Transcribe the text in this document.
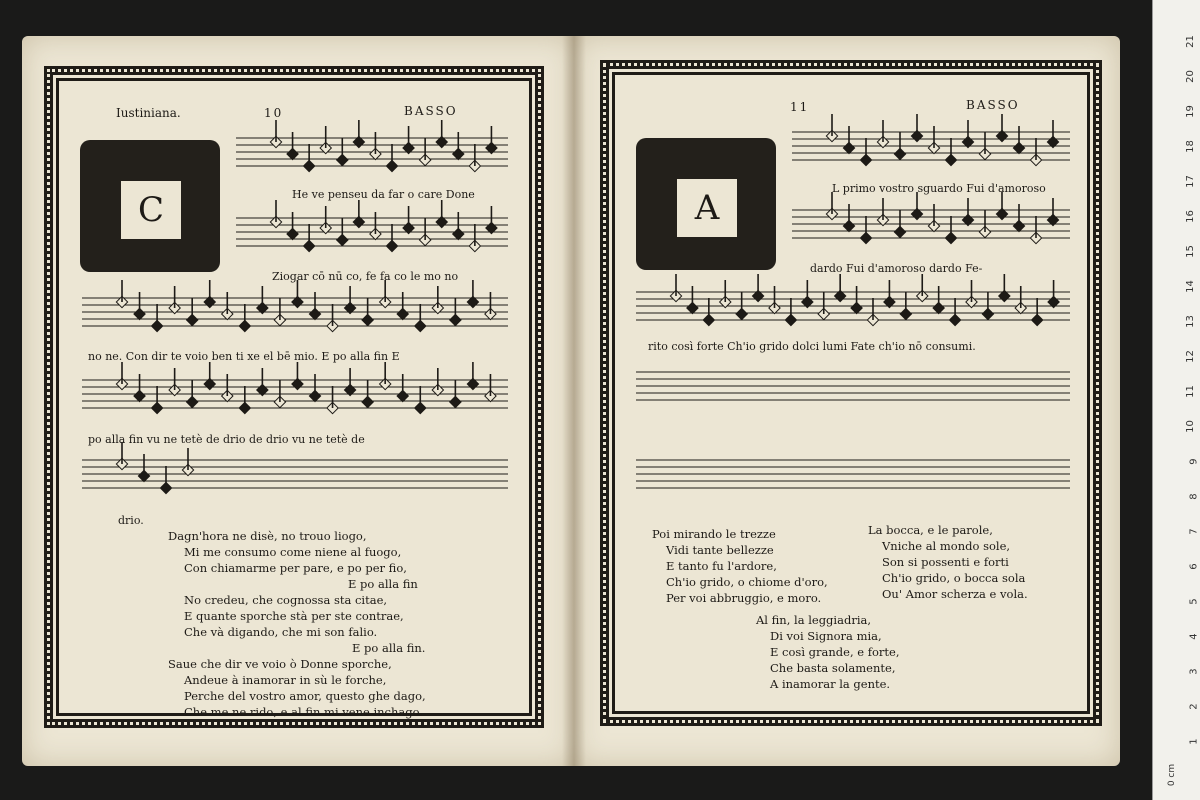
Iustiniana.	10	BASSO
C	He ve penseu da far o care Done
Ziogar cō nū co, fe fa co le mo no
no ne. Con dir te voio ben ti xe el bē mio. E po alla fin E
po alla fin vu ne tetè de drio de drio vu ne tetè de
drio.
Dagn'hora ne disè, no trouo liogo,
Mi me consumo come niene al fuogo,
Con chiamarme per pare, e po per fio,
E po alla fin
No credeu, che cognossa sta citae,
E quante sporche stà per ste contrae,
Che và digando, che mi son falio.
E po alla fin.
Saue che dir ve voio ò Donne sporche,
Andeue à inamorar in sù le forche,
Perche del vostro amor, questo ghe dago,
Che me ne rido, e al fin mi vene inchago.
11	BASSO
A	L primo vostro sguardo Fui d'amoroso
dardo Fui d'amoroso dardo Fe-
rito così forte Ch'io grido dolci lumi Fate ch'io nō consumi.
Poi mirando le trezze
Vidi tante bellezze
E tanto fu l'ardore,
Ch'io grido, o chiome d'oro,
Per voi abbruggio, e moro.
La bocca, e le parole,
Vniche al mondo sole,
Son si possenti e forti
Ch'io grido, o bocca sola
Ou' Amor scherza e vola.
Al fin, la leggiadria,
Di voi Signora mia,
E così grande, e forte,
Che basta solamente,
A inamorar la gente.
1
2
3
4
5
6
7
8
9
10
11
12
13
14
15
16
17
18
19
20
21
0 cm
